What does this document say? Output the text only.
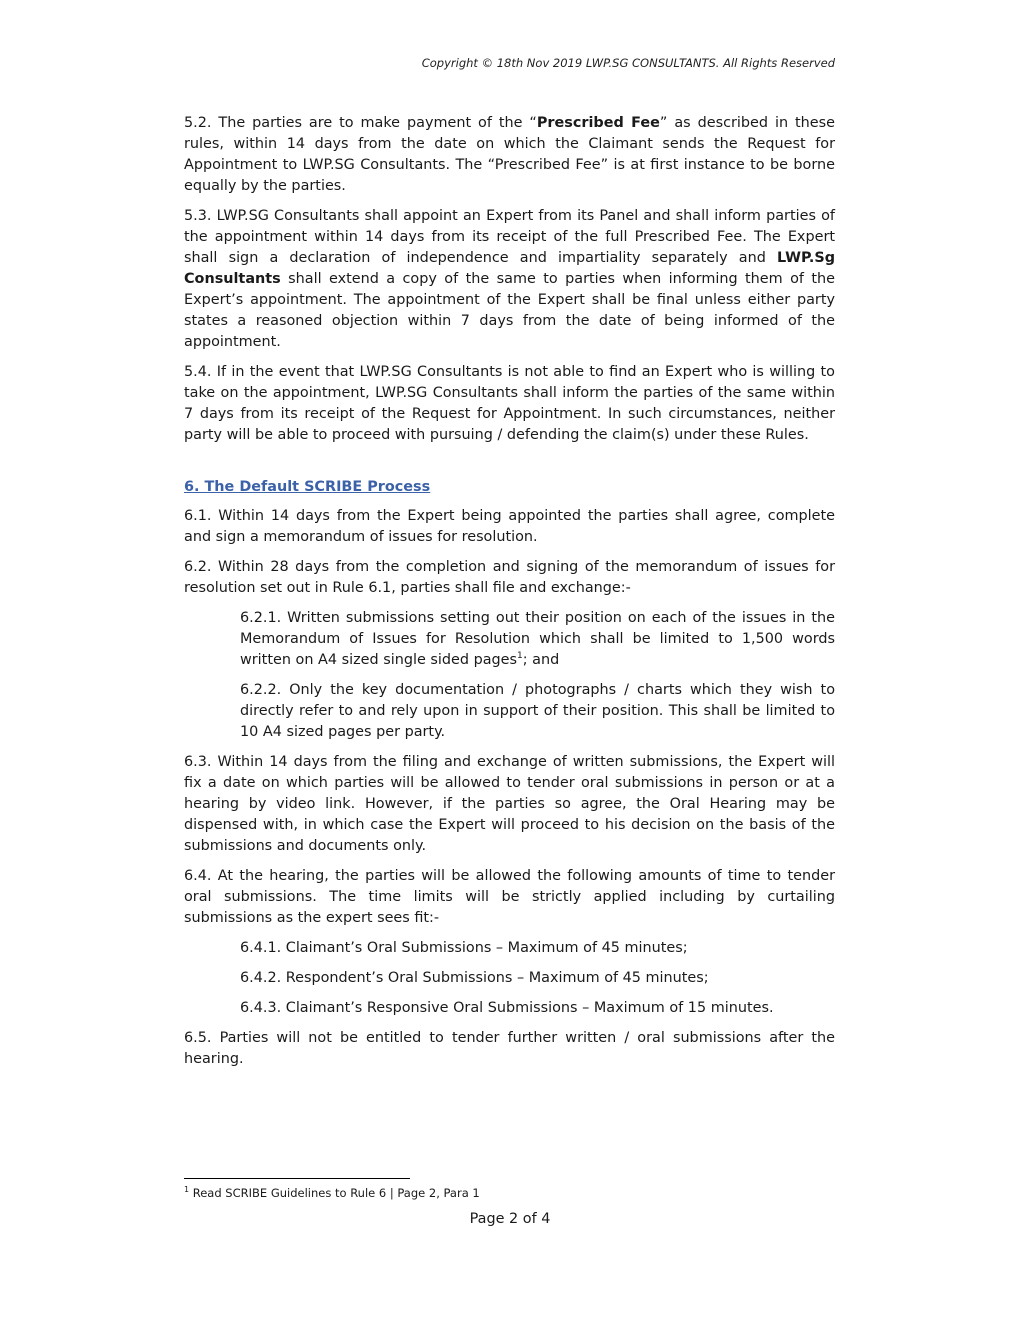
Copyright © 18th Nov 2019 LWP.SG CONSULTANTS. All Rights Reserved

5.2. The parties are to make payment of the “Prescribed Fee” as described in these rules, within 14 days from the date on which the Claimant sends the Request for Appointment to LWP.SG Consultants. The “Prescribed Fee” is at first instance to be borne equally by the parties.

5.3. LWP.SG Consultants shall appoint an Expert from its Panel and shall inform parties of the appointment within 14 days from its receipt of the full Prescribed Fee. The Expert shall sign a declaration of independence and impartiality separately and LWP.Sg Consultants shall extend a copy of the same to parties when informing them of the Expert’s appointment. The appointment of the Expert shall be final unless either party states a reasoned objection within 7 days from the date of being informed of the appointment.

5.4. If in the event that LWP.SG Consultants is not able to find an Expert who is willing to take on the appointment, LWP.SG Consultants shall inform the parties of the same within 7 days from its receipt of the Request for Appointment. In such circumstances, neither party will be able to proceed with pursuing / defending the claim(s) under these Rules.

6. The Default SCRIBE Process

6.1. Within 14 days from the Expert being appointed the parties shall agree, complete and sign a memorandum of issues for resolution.

6.2. Within 28 days from the completion and signing of the memorandum of issues for resolution set out in Rule 6.1, parties shall file and exchange:-

6.2.1. Written submissions setting out their position on each of the issues in the Memorandum of Issues for Resolution which shall be limited to 1,500 words written on A4 sized single sided pages$^1$; and

6.2.2. Only the key documentation / photographs / charts which they wish to directly refer to and rely upon in support of their position. This shall be limited to 10 A4 sized pages per party.

6.3. Within 14 days from the filing and exchange of written submissions, the Expert will fix a date on which parties will be allowed to tender oral submissions in person or at a hearing by video link. However, if the parties so agree, the Oral Hearing may be dispensed with, in which case the Expert will proceed to his decision on the basis of the submissions and documents only.

6.4. At the hearing, the parties will be allowed the following amounts of time to tender oral submissions. The time limits will be strictly applied including by curtailing submissions as the expert sees fit:-

6.4.1. Claimant’s Oral Submissions – Maximum of 45 minutes;

6.4.2. Respondent’s Oral Submissions – Maximum of 45 minutes;

6.4.3. Claimant’s Responsive Oral Submissions – Maximum of 15 minutes.

6.5. Parties will not be entitled to tender further written / oral submissions after the hearing.

$^1$ Read SCRIBE Guidelines to Rule 6 | Page 2, Para 1
Page 2 of 4
